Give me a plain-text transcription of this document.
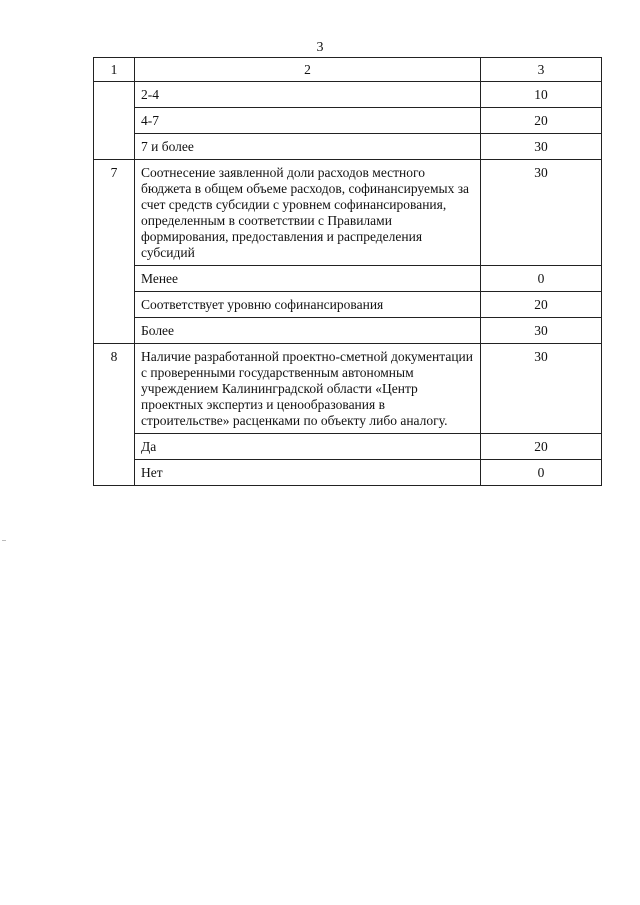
3
1	2	3
	2-4	10
	4-7	20
	7 и более	30
7	Соотнесение заявленной доли расходов местного бюджета в общем объеме расходов, софинансируемых за счет средств субсидии с уровнем софинансирования, определенным в соответствии с Правилами формирования, предоставления и распределения субсидий	30
	Менее	0
	Соответствует уровню софинансирования	20
	Более	30
8	Наличие разработанной проектно-сметной документации с проверенными государственным автономным учреждением Калининградской области «Центр проектных экспертиз и ценообразования в строительстве» расценками по объекту либо аналогу.	30
	Да	20
	Нет	0
